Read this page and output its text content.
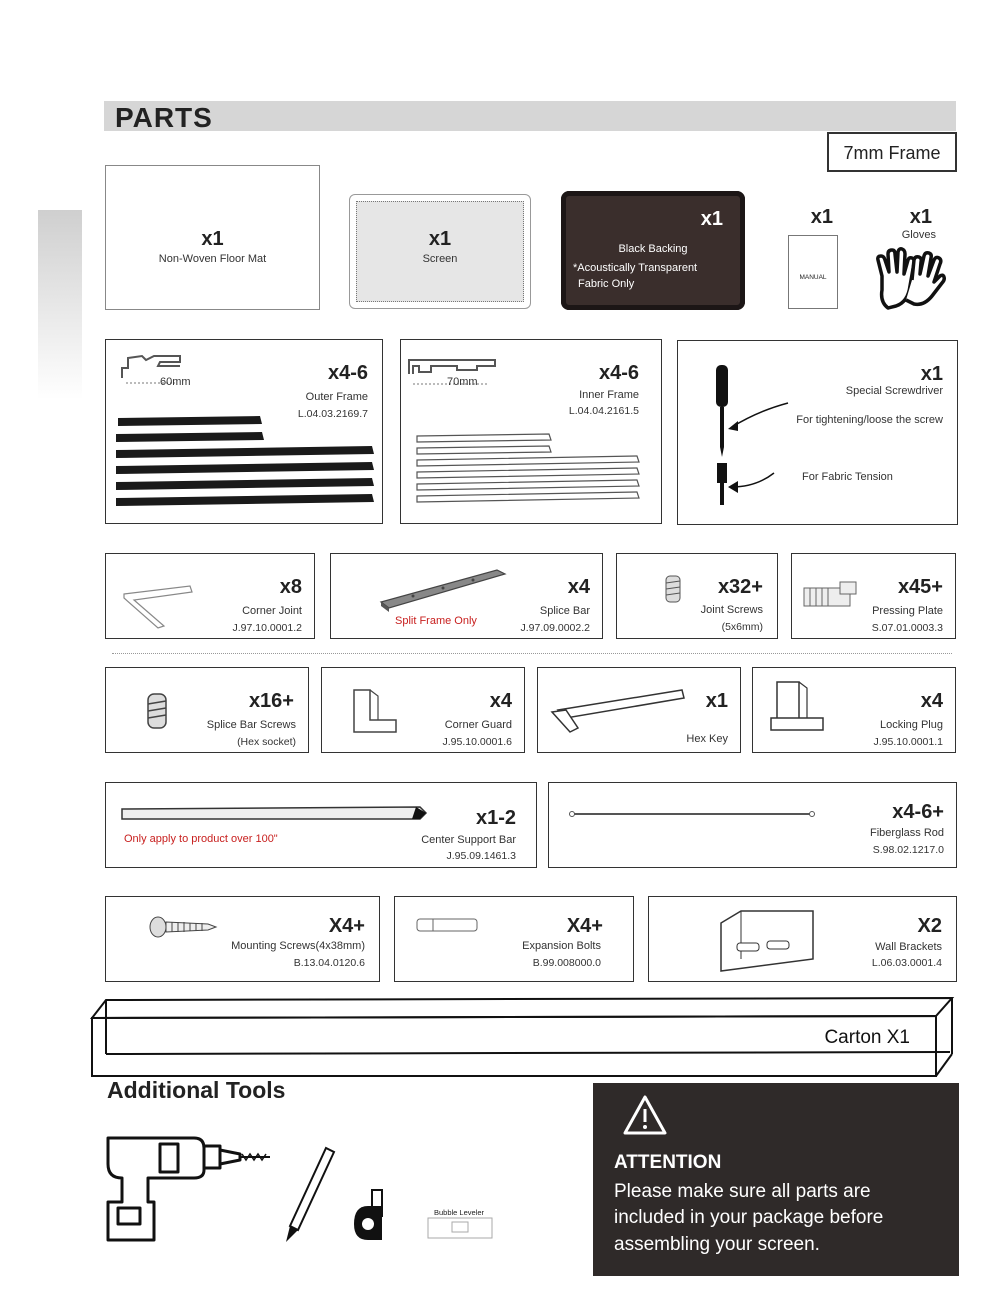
PARTS
7mm Frame
x1
Non-Woven Floor Mat
x1
Screen
x1
Black Backing
*Acoustically Transparent
Fabric Only
x1
MANUAL
x1
Gloves
60mm	x4-6
Outer Frame
L.04.03.2169.7
70mm	x4-6
Inner Frame
L.04.04.2161.5
x1
Special Screwdriver
For tightening/loose the screw
For Fabric Tension
x8
Corner Joint
J.97.10.0001.2
Split Frame Only
x4
Splice Bar
J.97.09.0002.2
x32+
Joint Screws
(5x6mm)
x45+
Pressing Plate
S.07.01.0003.3
x16+
Splice Bar Screws
(Hex socket)
x4
Corner Guard
J.95.10.0001.6
x1
Hex Key
x4
Locking Plug
J.95.10.0001.1
Only apply to product over 100"
x1-2
Center Support Bar
J.95.09.1461.3
x4-6+
Fiberglass Rod
S.98.02.1217.0
X4+
Mounting Screws(4x38mm)
B.13.04.0120.6
X4+
Expansion Bolts
B.99.008000.0
X2
Wall Brackets
L.06.03.0001.4
Carton X1
Additional Tools
Bubble Leveler
ATTENTION
Please make sure all parts are
included in your package before
assembling your screen.
